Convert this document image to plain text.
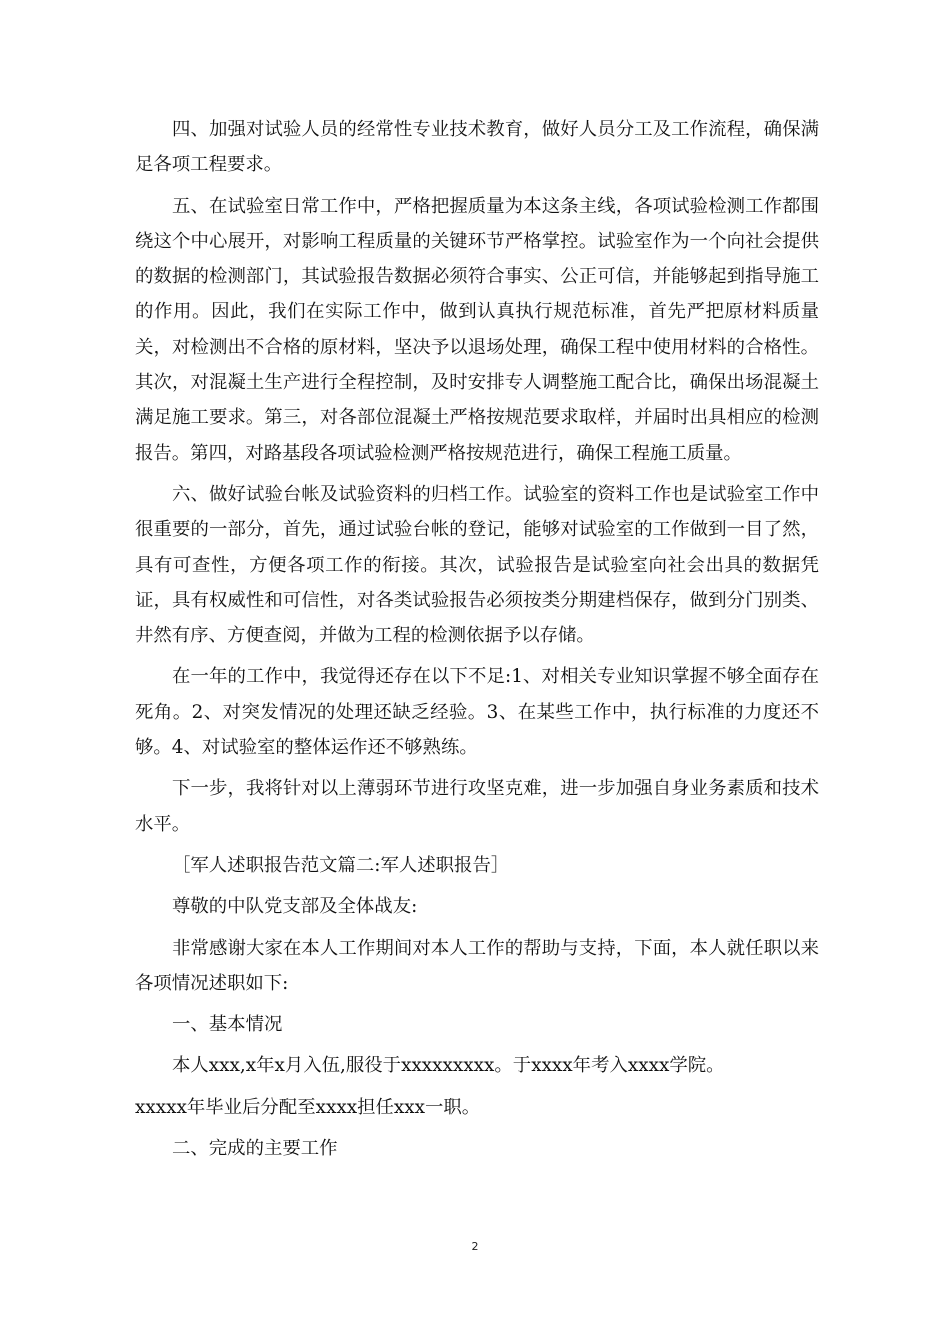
四、加强对试验人员的经常性专业技术教育，做好人员分工及工作流程，确保满足各项工程要求。

五、在试验室日常工作中，严格把握质量为本这条主线，各项试验检测工作都围绕这个中心展开，对影响工程质量的关键环节严格掌控。试验室作为一个向社会提供的数据的检测部门，其试验报告数据必须符合事实、公正可信，并能够起到指导施工的作用。因此，我们在实际工作中，做到认真执行规范标准，首先严把原材料质量关，对检测出不合格的原材料，坚决予以退场处理，确保工程中使用材料的合格性。其次，对混凝土生产进行全程控制，及时安排专人调整施工配合比，确保出场混凝土满足施工要求。第三，对各部位混凝土严格按规范要求取样，并届时出具相应的检测报告。第四，对路基段各项试验检测严格按规范进行，确保工程施工质量。

六、做好试验台帐及试验资料的归档工作。试验室的资料工作也是试验室工作中很重要的一部分，首先，通过试验台帐的登记，能够对试验室的工作做到一目了然，具有可查性，方便各项工作的衔接。其次，试验报告是试验室向社会出具的数据凭证，具有权威性和可信性，对各类试验报告必须按类分期建档保存，做到分门别类、井然有序、方便查阅，并做为工程的检测依据予以存储。

在一年的工作中，我觉得还存在以下不足:1、对相关专业知识掌握不够全面存在死角。2、对突发情况的处理还缺乏经验。3、在某些工作中，执行标准的力度还不够。4、对试验室的整体运作还不够熟练。

下一步，我将针对以上薄弱环节进行攻坚克难，进一步加强自身业务素质和技术水平。

［军人述职报告范文篇二:军人述职报告］

尊敬的中队党支部及全体战友:

非常感谢大家在本人工作期间对本人工作的帮助与支持，下面，本人就任职以来各项情况述职如下:

一、基本情况

本人xxx,x年x月入伍,服役于xxxxxxxxx。于xxxx年考入xxxx学院。

xxxxx年毕业后分配至xxxx担任xxx一职。

二、完成的主要工作

2
